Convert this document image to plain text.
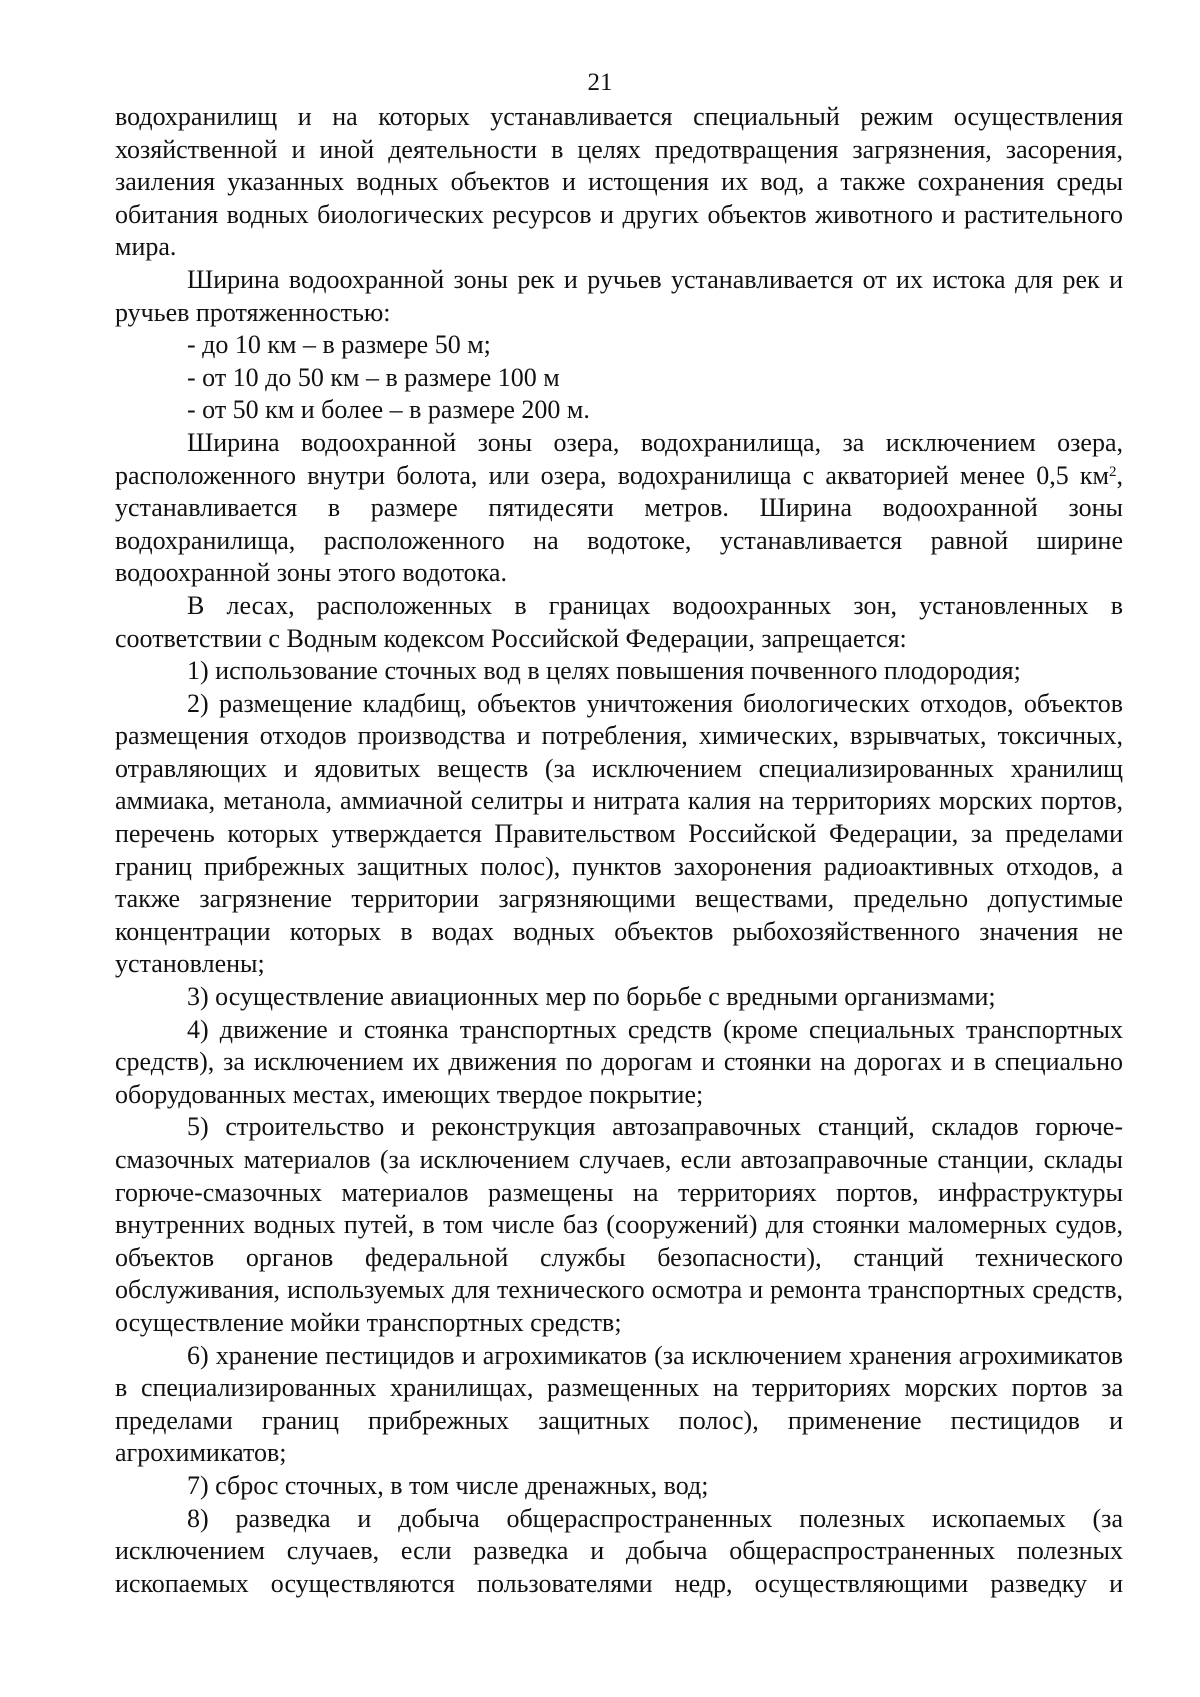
21

водохранилищ и на которых устанавливается специальный режим осуществления хозяйственной и иной деятельности в целях предотвращения загрязнения, засорения, заиления указанных водных объектов и истощения их вод, а также сохранения среды обитания водных биологических ресурсов и других объектов животного и растительного мира.

Ширина водоохранной зоны рек и ручьев устанавливается от их истока для рек и ручьев протяженностью:

- до 10 км – в размере 50 м;

- от 10 до 50 км – в размере 100 м

- от 50 км и более – в размере 200 м.

Ширина водоохранной зоны озера, водохранилища, за исключением озера, расположенного внутри болота, или озера, водохранилища с акваторией менее 0,5 $км^2$, устанавливается в размере пятидесяти метров. Ширина водоохранной зоны водохранилища, расположенного на водотоке, устанавливается равной ширине водоохранной зоны этого водотока.

В лесах, расположенных в границах водоохранных зон, установленных в соответствии с Водным кодексом Российской Федерации, запрещается:

1) использование сточных вод в целях повышения почвенного плодородия;

2) размещение кладбищ, объектов уничтожения биологических отходов, объектов размещения отходов производства и потребления, химических, взрывчатых, токсичных, отравляющих и ядовитых веществ (за исключением специализированных хранилищ аммиака, метанола, аммиачной селитры и нитрата калия на территориях морских портов, перечень которых утверждается Правительством Российской Федерации, за пределами границ прибрежных защитных полос), пунктов захоронения радиоактивных отходов, а также загрязнение территории загрязняющими веществами, предельно допустимые концентрации которых в водах водных объектов рыбохозяйственного значения не установлены;

3) осуществление авиационных мер по борьбе с вредными организмами;

4) движение и стоянка транспортных средств (кроме специальных транспортных средств), за исключением их движения по дорогам и стоянки на дорогах и в специально оборудованных местах, имеющих твердое покрытие;

5) строительство и реконструкция автозаправочных станций, складов горюче-смазочных материалов (за исключением случаев, если автозаправочные станции, склады горюче-смазочных материалов размещены на территориях портов, инфраструктуры внутренних водных путей, в том числе баз (сооружений) для стоянки маломерных судов, объектов органов федеральной службы безопасности), станций технического обслуживания, используемых для технического осмотра и ремонта транспортных средств, осуществление мойки транспортных средств;

6) хранение пестицидов и агрохимикатов (за исключением хранения агрохимикатов в специализированных хранилищах, размещенных на территориях морских портов за пределами границ прибрежных защитных полос), применение пестицидов и агрохимикатов;

7) сброс сточных, в том числе дренажных, вод;

8) разведка и добыча общераспространенных полезных ископаемых (за исключением случаев, если разведка и добыча общераспространенных полезных ископаемых осуществляются пользователями недр, осуществляющими разведку и
